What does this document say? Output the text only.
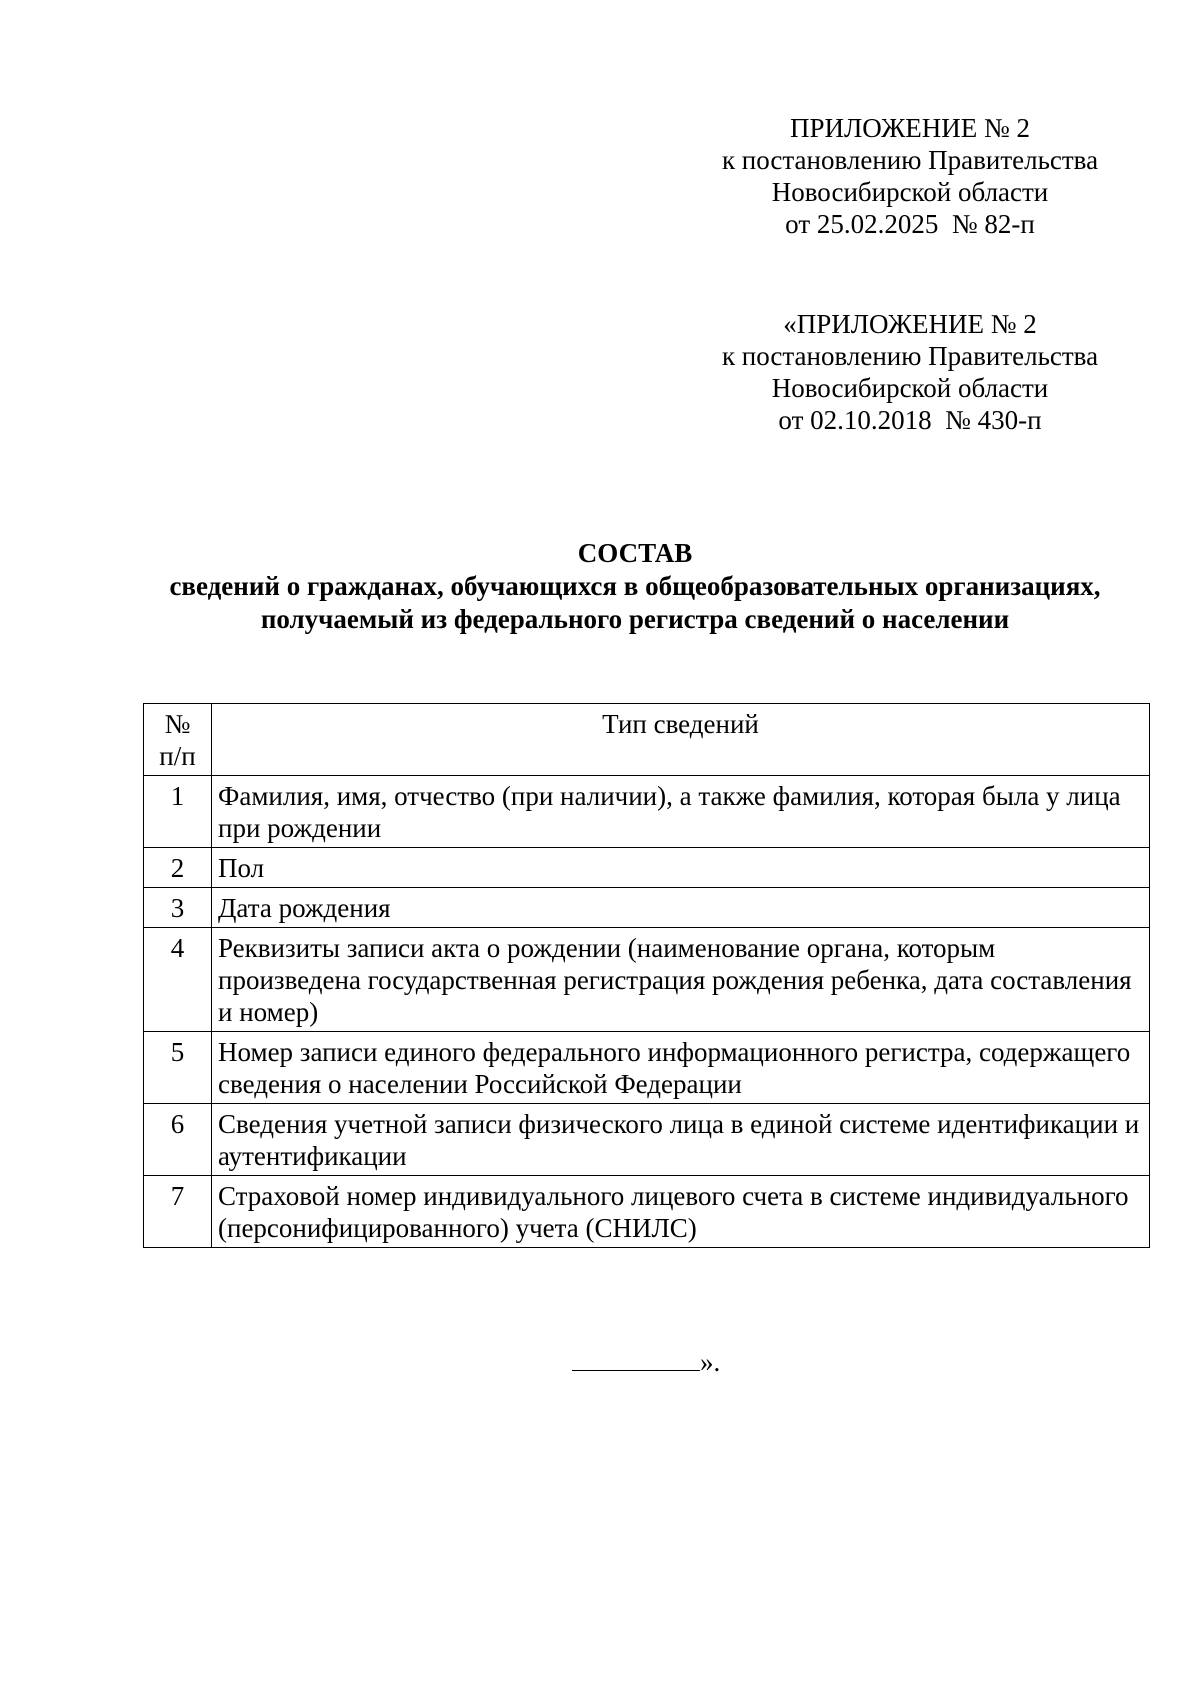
ПРИЛОЖЕНИЕ № 2
к постановлению Правительства
Новосибирской области
от 25.02.2025  № 82-п
«ПРИЛОЖЕНИЕ № 2
к постановлению Правительства
Новосибирской области
от 02.10.2018  № 430-п
СОСТАВ
сведений о гражданах, обучающихся в общеобразовательных организациях,
получаемый из федерального регистра сведений о населении
№
п/п	Тип сведений
1	Фамилия, имя, отчество (при наличии), а также фамилия, которая была у лица при рождении
2	Пол
3	Дата рождения
4	Реквизиты записи акта о рождении (наименование органа, которым произведена государственная регистрация рождения ребенка, дата составления и номер)
5	Номер записи единого федерального информационного регистра, содержащего сведения о населении Российской Федерации
6	Сведения учетной записи физического лица в единой системе идентификации и аутентификации
7	Страховой номер индивидуального лицевого счета в системе индивидуального (персонифицированного) учета (СНИЛС)
».
